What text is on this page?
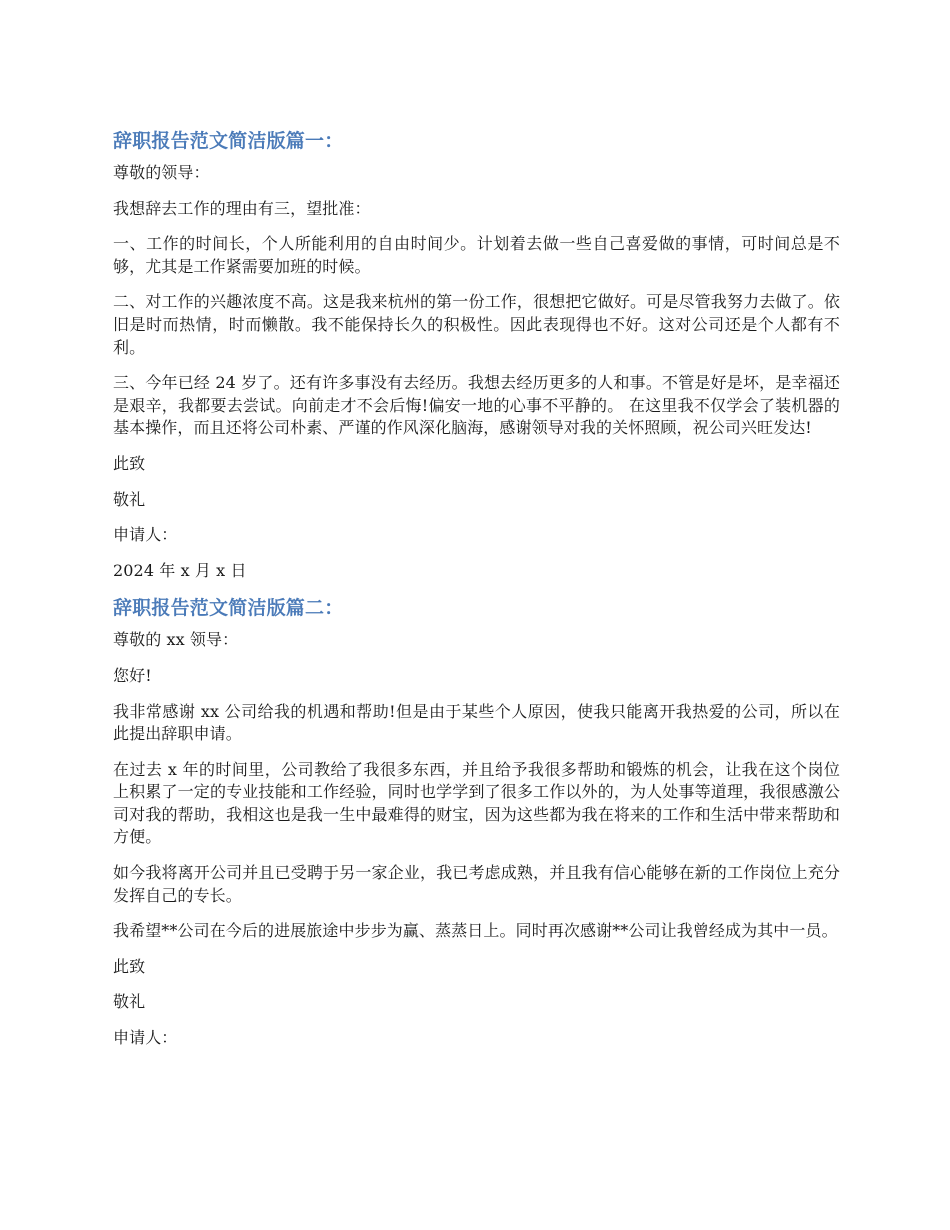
辞职报告范文简洁版篇一：

尊敬的领导：

我想辞去工作的理由有三，望批准：

一、工作的时间长，个人所能利用的自由时间少。计划着去做一些自己喜爱做的事情，可时间总是不够，尤其是工作紧需要加班的时候。

二、对工作的兴趣浓度不高。这是我来杭州的第一份工作，很想把它做好。可是尽管我努力去做了。依旧是时而热情，时而懒散。我不能保持长久的积极性。因此表现得也不好。这对公司还是个人都有不利。

三、今年已经 24 岁了。还有许多事没有去经历。我想去经历更多的人和事。不管是好是坏，是幸福还是艰辛，我都要去尝试。向前走才不会后悔!偏安一地的心事不平静的。 在这里我不仅学会了装机器的基本操作，而且还将公司朴素、严谨的作风深化脑海，感谢领导对我的关怀照顾，祝公司兴旺发达!

此致

敬礼

申请人：

2024 年 x 月 x 日

辞职报告范文简洁版篇二：

尊敬的 xx 领导：

您好!

我非常感谢 xx 公司给我的机遇和帮助!但是由于某些个人原因，使我只能离开我热爱的公司，所以在此提出辞职申请。

在过去 x 年的时间里，公司教给了我很多东西，并且给予我很多帮助和锻炼的机会，让我在这个岗位上积累了一定的专业技能和工作经验，同时也学学到了很多工作以外的，为人处事等道理，我很感激公司对我的帮助，我相这也是我一生中最难得的财宝，因为这些都为我在将来的工作和生活中带来帮助和方便。

如今我将离开公司并且已受聘于另一家企业，我已考虑成熟，并且我有信心能够在新的工作岗位上充分发挥自己的专长。

我希望**公司在今后的进展旅途中步步为赢、蒸蒸日上。同时再次感谢**公司让我曾经成为其中一员。

此致

敬礼

申请人：
